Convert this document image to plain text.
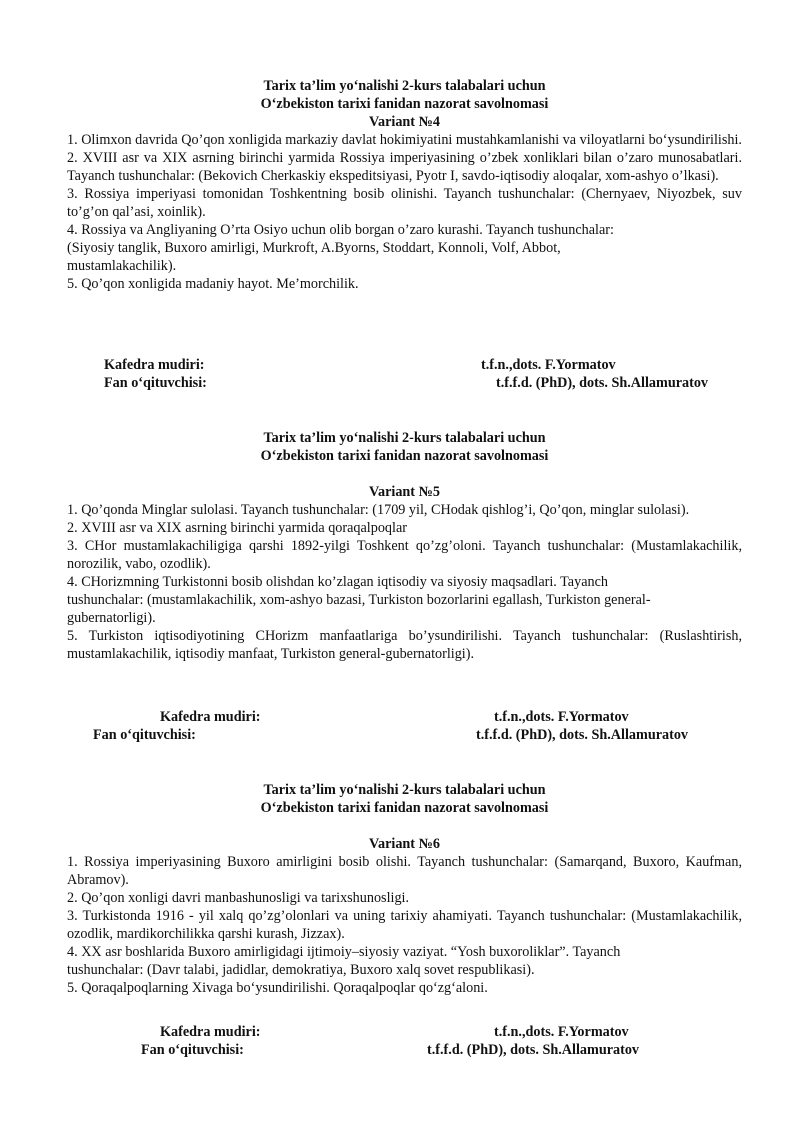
Tarix ta’lim yo‘nalishi 2-kurs talabalari uchun

O‘zbekiston tarixi fanidan nazorat savolnomasi

Variant №4

1. Olimxon davrida Qo’qon xonligida markaziy davlat hokimiyatini mustahkamlanishi va viloyatlarni bo‘ysundirilishi.

2. XVIII asr va XIX asrning birinchi yarmida Rossiya imperiyasining o’zbek xonliklari bilan o’zaro munosabatlari. Tayanch tushunchalar: (Bekovich Cherkaskiy ekspeditsiyasi, Pyotr I, savdo-iqtisodiy aloqalar, xom-ashyo o’lkasi).

3. Rossiya imperiyasi tomonidan Toshkentning bosib olinishi. Tayanch tushunchalar: (Chernyaev, Niyozbek, suv to’g’on qal’asi, xoinlik).

4. Rossiya va Angliyaning O’rta Osiyo uchun olib borgan o’zaro kurashi. Tayanch tushunchalar:

(Siyosiy tanglik, Buxoro amirligi, Murkroft, A.Byorns, Stoddart, Konnoli, Volf, Abbot,

mustamlakachilik).

5. Qo’qon xonligida madaniy hayot. Me’morchilik.

Kafedra mudiri:	t.f.n.,dots. F.Yormatov
Fan o‘qituvchisi:	t.f.f.d. (PhD), dots. Sh.Allamuratov

Tarix ta’lim yo‘nalishi 2-kurs talabalari uchun

O‘zbekiston tarixi fanidan nazorat savolnomasi

Variant №5

1. Qo’qonda Minglar sulolasi. Tayanch tushunchalar: (1709 yil, CHodak qishlog’i, Qo’qon, minglar sulolasi).

2. XVIII asr va XIX asrning birinchi yarmida qoraqalpoqlar

3. CHor mustamlakachiligiga qarshi 1892-yilgi Toshkent qo’zg’oloni. Tayanch tushunchalar: (Mustamlakachilik, norozilik, vabo, ozodlik).

4. CHorizmning Turkistonni bosib olishdan ko’zlagan iqtisodiy va siyosiy maqsadlari. Tayanch

tushunchalar: (mustamlakachilik, xom-ashyo bazasi, Turkiston bozorlarini egallash, Turkiston general-

gubernatorligi).

5. Turkiston iqtisodiyotining CHorizm manfaatlariga bo’ysundirilishi. Tayanch tushunchalar: (Ruslashtirish, mustamlakachilik, iqtisodiy manfaat, Turkiston general-gubernatorligi).

Kafedra mudiri:	t.f.n.,dots. F.Yormatov
Fan o‘qituvchisi:	t.f.f.d. (PhD), dots. Sh.Allamuratov

Tarix ta’lim yo‘nalishi 2-kurs talabalari uchun

O‘zbekiston tarixi fanidan nazorat savolnomasi

Variant №6

1. Rossiya imperiyasining Buxoro amirligini bosib olishi. Tayanch tushunchalar: (Samarqand, Buxoro, Kaufman, Abramov).

2. Qo’qon xonligi davri manbashunosligi va tarixshunosligi.

3. Turkistonda 1916 - yil xalq qo’zg’olonlari va uning tarixiy ahamiyati. Tayanch tushunchalar: (Mustamlakachilik, ozodlik, mardikorchilikka qarshi kurash, Jizzax).

4. XX asr boshlarida Buxoro amirligidagi ijtimoiy–siyosiy vaziyat. “Yosh buxoroliklar”. Tayanch

tushunchalar: (Davr talabi, jadidlar, demokratiya, Buxoro xalq sovet respublikasi).

5. Qoraqalpoqlarning Xivaga bo‘ysundirilishi. Qoraqalpoqlar qo‘zg‘aloni.

Kafedra mudiri:	t.f.n.,dots. F.Yormatov
Fan o‘qituvchisi:	t.f.f.d. (PhD), dots. Sh.Allamuratov
